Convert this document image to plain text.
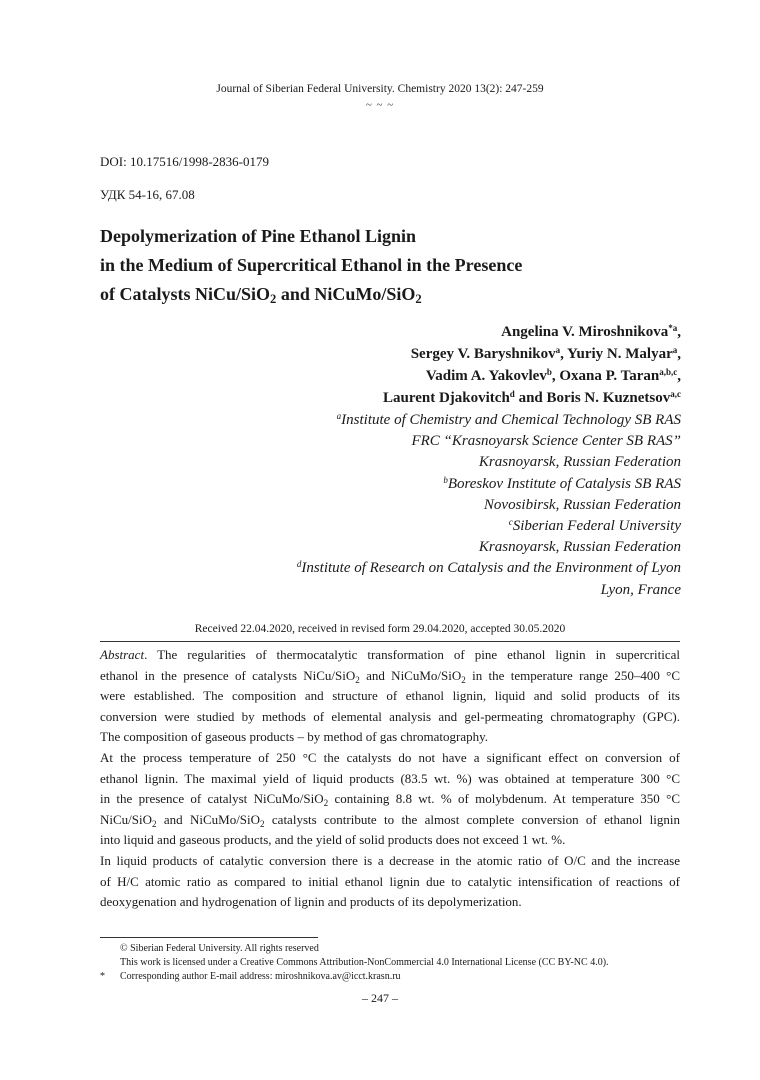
Journal of Siberian Federal University. Chemistry 2020 13(2): 247-259
~ ~ ~
DOI: 10.17516/1998-2836-0179
УДК 54-16, 67.08
Depolymerization of Pine Ethanol Lignin
in the Medium of Supercritical Ethanol in the Presence
of Catalysts NiCu/SiO2 and NiCuMo/SiO2
Angelina V. Miroshnikova$^{*a}$,
Sergey V. Baryshnikov$^a$, Yuriy N. Malyar$^a$,
Vadim A. Yakovlev$^b$, Oxana P. Taran$^{a,b,c}$,
Laurent Djakovitch$^d$ and Boris N. Kuznetsov$^{a,c}$
$^a$Institute of Chemistry and Chemical Technology SB RAS
FRC “Krasnoyarsk Science Center SB RAS”
Krasnoyarsk, Russian Federation
$^b$Boreskov Institute of Catalysis SB RAS
Novosibirsk, Russian Federation
$^c$Siberian Federal University
Krasnoyarsk, Russian Federation
$^d$Institute of Research on Catalysis and the Environment of Lyon
Lyon, France
Received 22.04.2020, received in revised form 29.04.2020, accepted 30.05.2020
Abstract. The regularities of thermocatalytic transformation of pine ethanol lignin in supercritical
ethanol in the presence of catalysts NiCu/SiO$_2$ and NiCuMo/SiO$_2$ in the temperature range 250–400 °C
were established. The composition and structure of ethanol lignin, liquid and solid products of its
conversion were studied by methods of elemental analysis and gel-permeating chromatography (GPC).
The composition of gaseous products – by method of gas chromatography.
At the process temperature of 250 °C the catalysts do not have a significant effect on conversion of
ethanol lignin. The maximal yield of liquid products (83.5 wt. %) was obtained at temperature 300 °C
in the presence of catalyst NiCuMo/SiO$_2$ containing 8.8 wt. % of molybdenum. At temperature 350 °C
NiCu/SiO$_2$ and NiCuMo/SiO$_2$ catalysts contribute to the almost complete conversion of ethanol lignin
into liquid and gaseous products, and the yield of solid products does not exceed 1 wt. %.
In liquid products of catalytic conversion there is a decrease in the atomic ratio of O/C and the increase
of H/C atomic ratio as compared to initial ethanol lignin due to catalytic intensification of reactions of
deoxygenation and hydrogenation of lignin and products of its depolymerization.
© Siberian Federal University. All rights reserved
This work is licensed under a Creative Commons Attribution-NonCommercial 4.0 International License (CC BY-NC 4.0).
* Corresponding author E-mail address: miroshnikova.av@icct.krasn.ru
– 247 –
